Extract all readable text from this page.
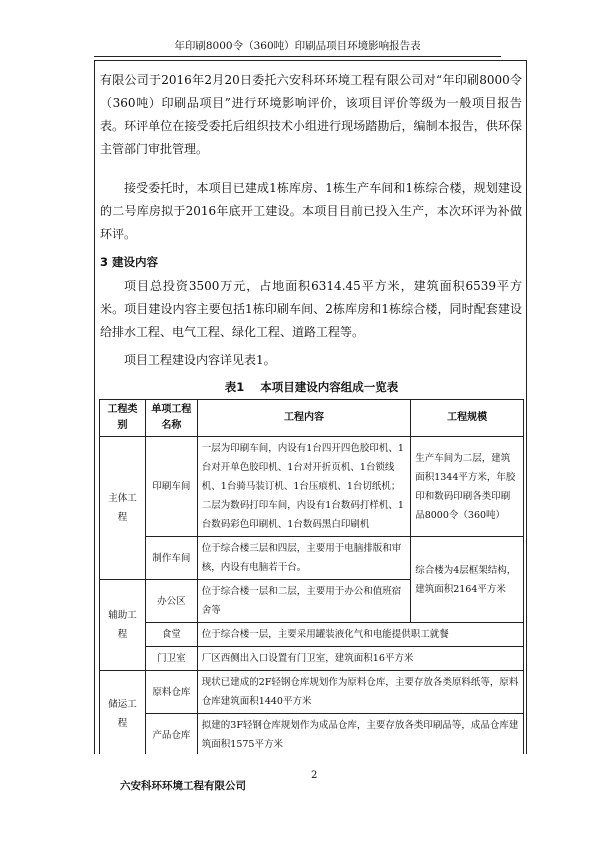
年印刷8000令（360吨）印刷品项目环境影响报告表

有限公司于2016年2月20日委托六安科环环境工程有限公司对“年印刷8000令（360吨）印刷品项目”进行环境影响评价，该项目评价等级为一般项目报告表。环评单位在接受委托后组织技术小组进行现场踏勘后，编制本报告，供环保主管部门审批管理。

接受委托时，本项目已建成1栋库房、1栋生产车间和1栋综合楼，规划建设的二号库房拟于2016年底开工建设。本项目目前已投入生产，本次环评为补做环评。

3 建设内容

项目总投资3500万元，占地面积6314.45平方米，建筑面积6539平方米。项目建设内容主要包括1栋印刷车间、2栋库房和1栋综合楼，同时配套建设给排水工程、电气工程、绿化工程、道路工程等。

项目工程建设内容详见表1。

表1 本项目建设内容组成一览表
工程类别	单项工程名称	工程内容	工程规模
主体工程	印刷车间	一层为印刷车间，内设有1台四开四色胶印机、1台对开单色胶印机、1台对开折页机、1台锁线机、1台骑马装订机、1台压痕机、1台切纸机；二层为数码打印车间，内设有1台数码打样机、1台数码彩色印刷机、1台数码黑白印刷机	生产车间为二层，建筑面积1344平方米，年胶印和数码印刷各类印刷品8000令（360吨）
	制作车间	位于综合楼三层和四层，主要用于电脑排版和审核，内设有电脑若干台。	综合楼为4层框架结构，建筑面积2164平方米
辅助工程	办公区	位于综合楼一层和二层，主要用于办公和值班宿舍等	
	食堂	位于综合楼一层，主要采用罐装液化气和电能提供职工就餐	
	门卫室	厂区西侧出入口设置有门卫室，建筑面积16平方米	
储运工程	原料仓库	现状已建成的2F轻钢仓库规划作为原料仓库，主要存放各类原料纸等，原料仓库建筑面积1440平方米	
	产品仓库	拟建的3F轻钢仓库规划作为成品仓库，主要存放各类印刷品等，成品仓库建筑面积1575平方米	
2
六安科环环境工程有限公司
